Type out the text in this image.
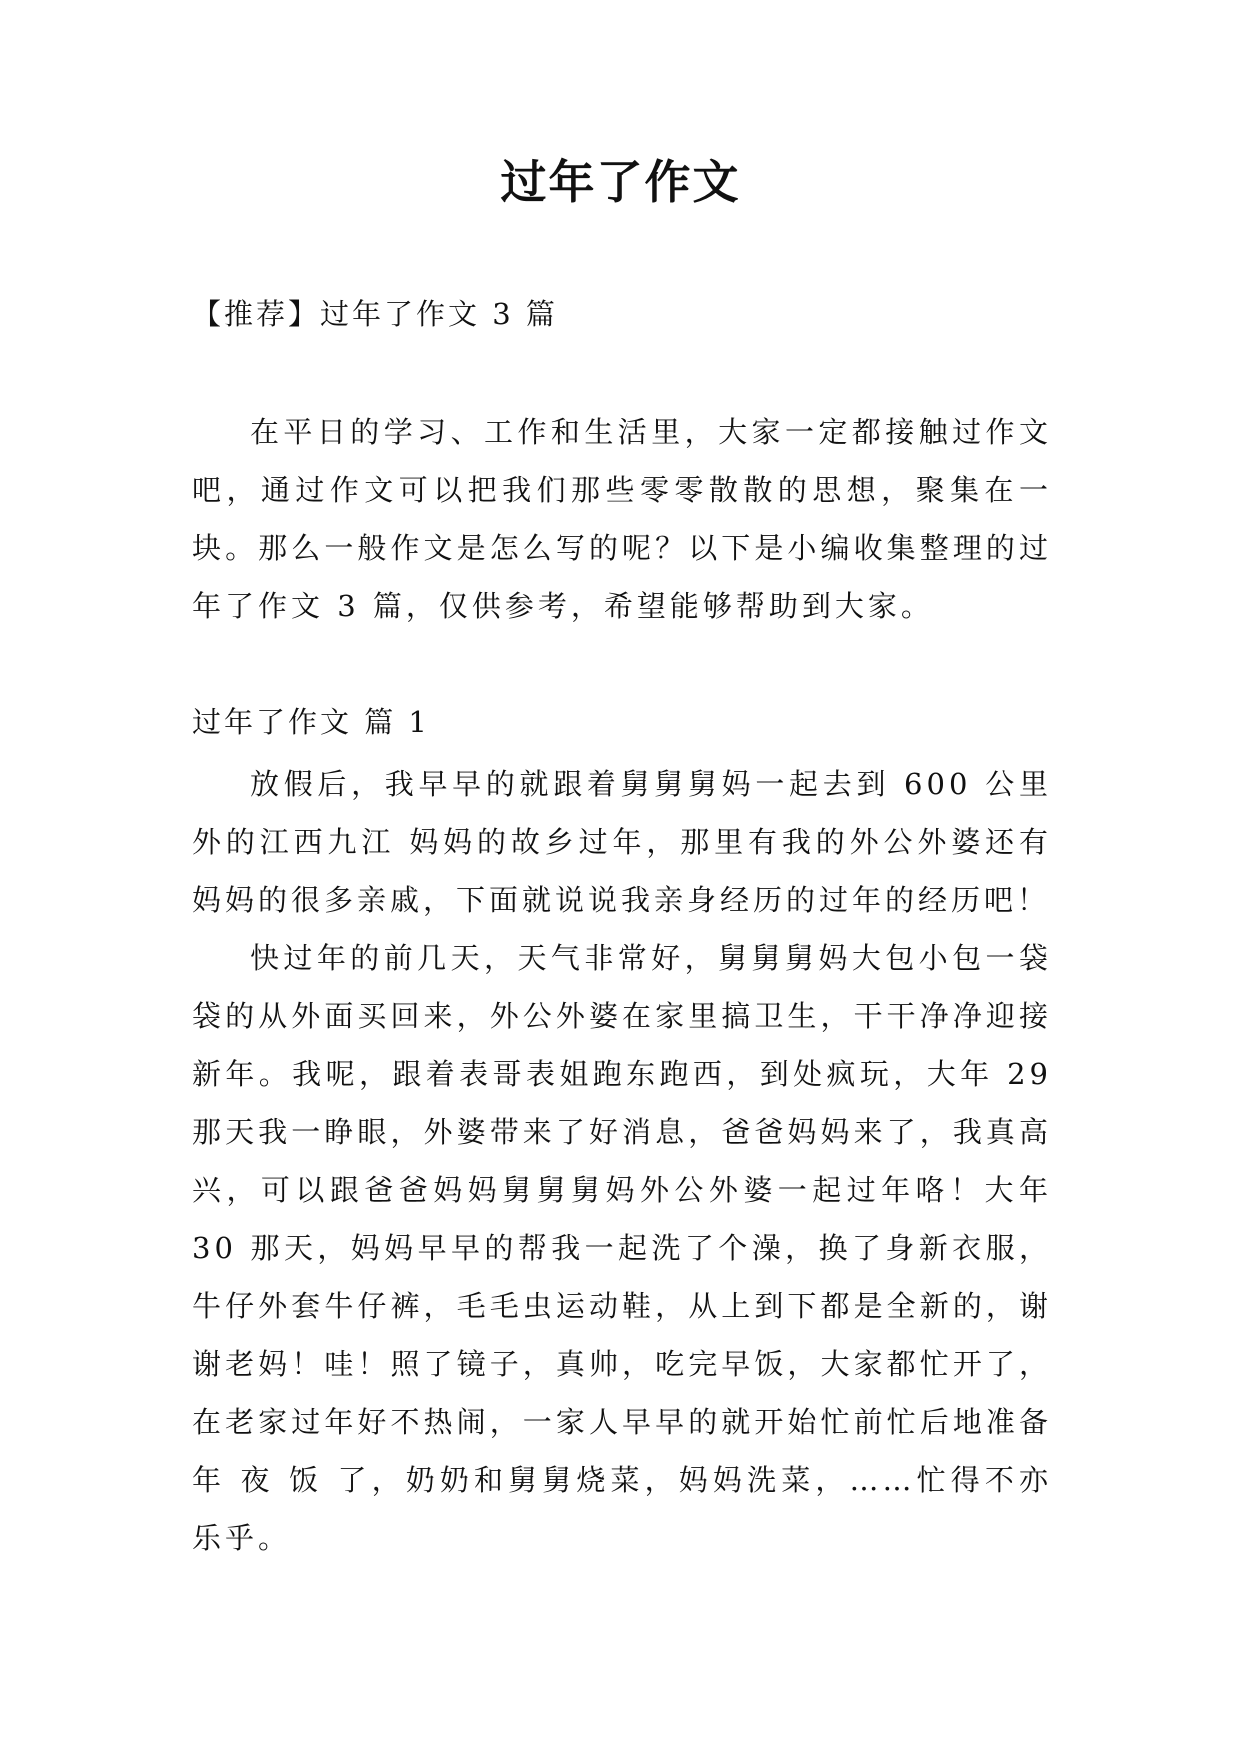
过年了作文
【推荐】过年了作文 3 篇

在平日的学习、工作和生活里，大家一定都接触过作文吧，通过作文可以把我们那些零零散散的思想，聚集在一块。那么一般作文是怎么写的呢？以下是小编收集整理的过年了作文 3 篇，仅供参考，希望能够帮助到大家。

过年了作文 篇 1

放假后，我早早的就跟着舅舅舅妈一起去到 600 公里外的江西九江 妈妈的故乡过年，那里有我的外公外婆还有妈妈的很多亲戚，下面就说说我亲身经历的过年的经历吧！

快过年的前几天，天气非常好，舅舅舅妈大包小包一袋袋的从外面买回来，外公外婆在家里搞卫生，干干净净迎接新年。我呢，跟着表哥表姐跑东跑西，到处疯玩，大年 29 那天我一睁眼，外婆带来了好消息，爸爸妈妈来了，我真高兴，可以跟爸爸妈妈舅舅舅妈外公外婆一起过年咯！大年 30 那天，妈妈早早的帮我一起洗了个澡，换了身新衣服，牛仔外套牛仔裤，毛毛虫运动鞋，从上到下都是全新的，谢谢老妈！哇！照了镜子，真帅，吃完早饭，大家都忙开了，在老家过年好不热闹，一家人早早的就开始忙前忙后地准备 年 夜 饭 了，奶奶和舅舅烧菜，妈妈洗菜，……忙得不亦乐乎。
